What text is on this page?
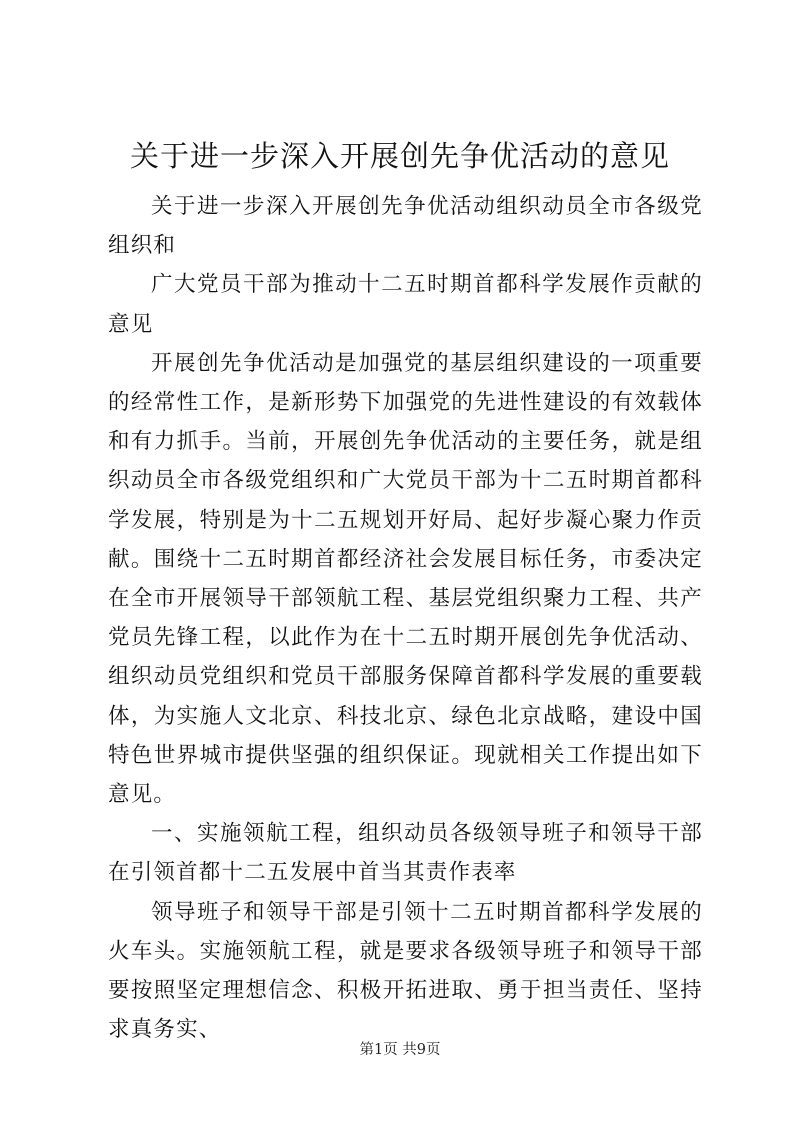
关于进一步深入开展创先争优活动的意见

关于进一步深入开展创先争优活动组织动员全市各级党组织和

广大党员干部为推动十二五时期首都科学发展作贡献的意见

开展创先争优活动是加强党的基层组织建设的一项重要的经常性工作，是新形势下加强党的先进性建设的有效载体和有力抓手。当前，开展创先争优活动的主要任务，就是组织动员全市各级党组织和广大党员干部为十二五时期首都科学发展，特别是为十二五规划开好局、起好步凝心聚力作贡献。围绕十二五时期首都经济社会发展目标任务，市委决定在全市开展领导干部领航工程、基层党组织聚力工程、共产党员先锋工程，以此作为在十二五时期开展创先争优活动、组织动员党组织和党员干部服务保障首都科学发展的重要载体，为实施人文北京、科技北京、绿色北京战略，建设中国特色世界城市提供坚强的组织保证。现就相关工作提出如下意见。

一、实施领航工程，组织动员各级领导班子和领导干部在引领首都十二五发展中首当其责作表率

领导班子和领导干部是引领十二五时期首都科学发展的火车头。实施领航工程，就是要求各级领导班子和领导干部要按照坚定理想信念、积极开拓进取、勇于担当责任、坚持求真务实、

第1页 共9页
